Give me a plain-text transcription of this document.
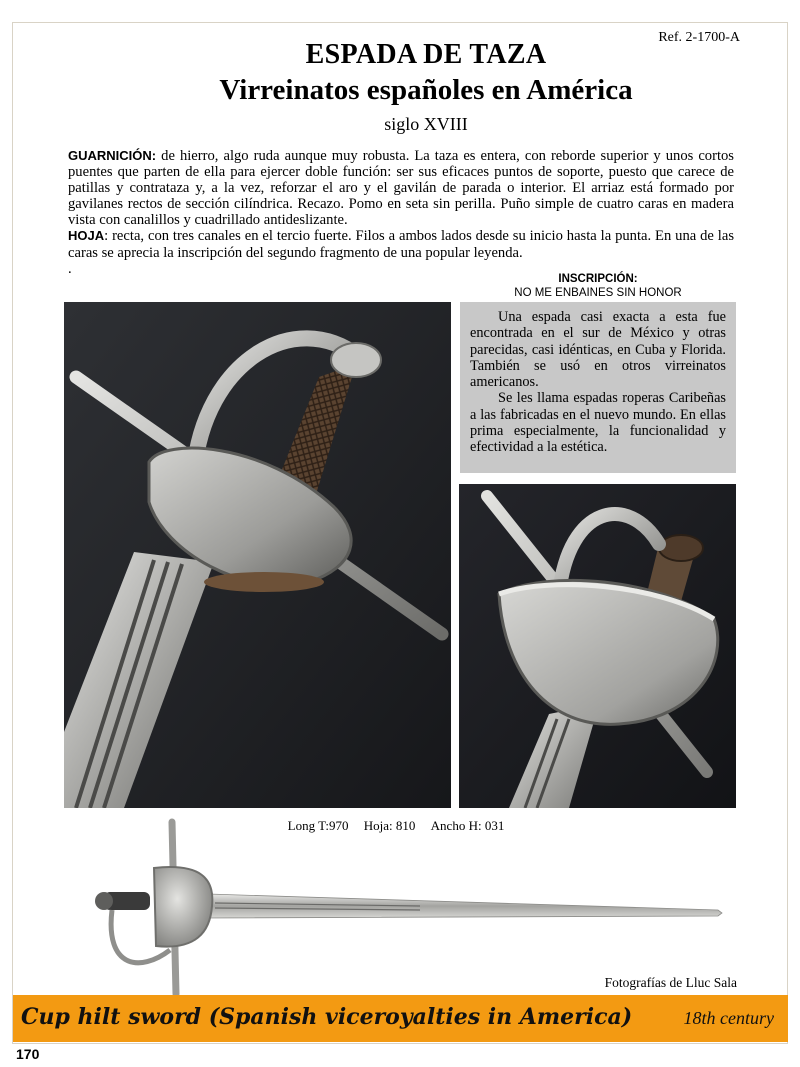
Ref. 2-1700-A
ESPADA DE TAZA
Virreinatos españoles en América
siglo XVIII

GUARNICIÓN: de hierro, algo ruda aunque muy robusta. La taza es entera, con reborde superior y unos cortos puentes que parten de ella para ejercer doble función: ser sus eficaces puntos de soporte, puesto que carece de patillas y contrataza y, a la vez, reforzar el aro y el gavilán de parada o interior. El arriaz está formado por gavilanes rectos de sección cilíndrica. Recazo. Pomo en seta sin perilla. Puño simple de cuatro caras en madera vista con canalillos y cuadrillado antideslizante.

HOJA: recta, con tres canales en el tercio fuerte. Filos a ambos lados desde su inicio hasta la punta. En una de las caras se aprecia la inscripción del segundo fragmento de una popular leyenda.

.

INSCRIPCIÓN:
NO ME ENBAINES SIN HONOR

Una espada casi exacta a esta fue encontrada en el sur de México y otras parecidas, casi idénticas, en Cuba y Florida. También se usó en otros virreinatos americanos.

Se les llama espadas roperas Caribeñas a las fabricadas en el nuevo mundo. En ellas prima especialmente, la funcionalidad y efectividad a la estética.

Long T:970 Hoja: 810 Ancho H: 031
Fotografías de Lluc Sala
Cup hilt sword (Spanish viceroyalties in America)	18th century
170
